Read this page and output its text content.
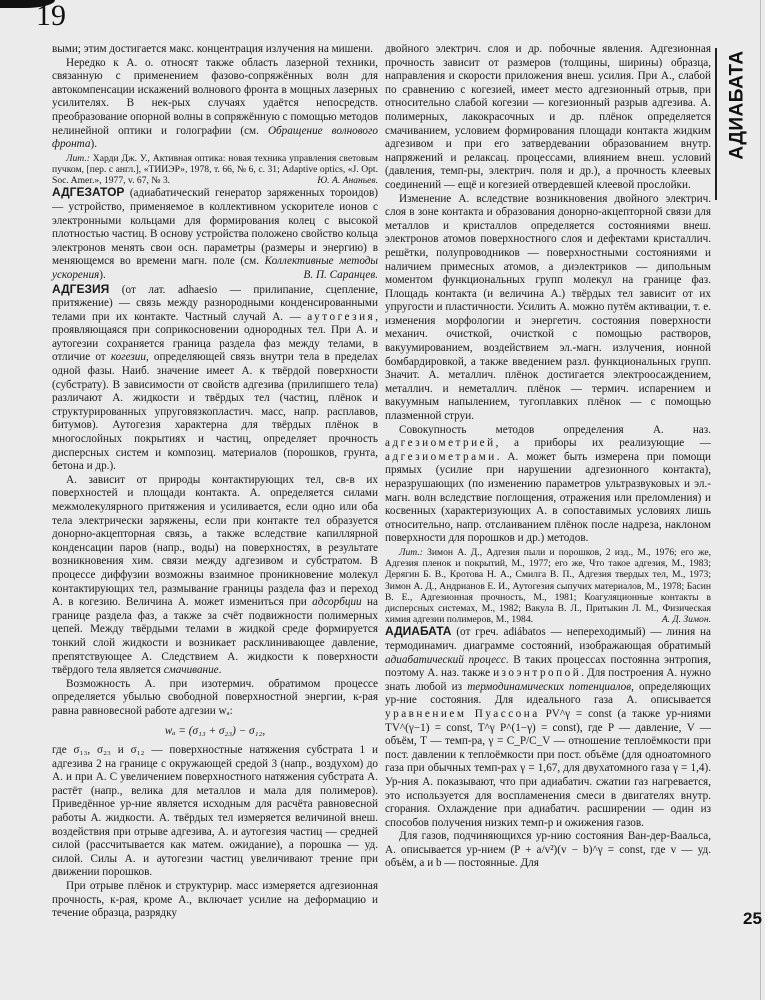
19

выми; этим достигается макс. концентрация излучения на мишени.

Нередко к А. о. относят также область лазерной техники, связанную с применением фазово-сопряжённых волн для автокомпенсации искажений волнового фронта в мощных лазерных усилителях. В нек-рых случаях удаётся непосредств. преобразование опорной волны в сопряжённую с помощью методов нелинейной оптики и голографии (см. Обращение волнового фронта).

Лит.: Харди Дж. У., Активная оптика: новая техника управления световым пучком, [пер. с англ.], «ТИИЭР», 1978, т. 66, № 6, с. 31; Adaptive optics, «J. Opt. Soc. Amer.», 1977, v. 67, № 3.	Ю. А. Ананьев.

АДГЕЗАТОР (адиабатический генератор заряженных тороидов) — устройство, применяемое в коллективном ускорителе ионов с электронными кольцами для формирования колец с высокой плотностью частиц. В основу устройства положено свойство кольца электронов менять свои осн. параметры (размеры и энергию) в меняющемся во времени магн. поле (см. Коллективные методы ускорения).	В. П. Саранцев.

АДГЕЗИЯ (от лат. adhaesio — прилипание, сцепление, притяжение) — связь между разнородными конденсированными телами при их контакте. Частный случай А. — аутогезия, проявляющаяся при соприкосновении однородных тел. При А. и аутогезии сохраняется граница раздела фаз между телами, в отличие от когезии, определяющей связь внутри тела в пределах одной фазы. Наиб. значение имеет А. к твёрдой поверхности (субстрату). В зависимости от свойств адгезива (прилипшего тела) различают А. жидкости и твёрдых тел (частиц, плёнок и структурированных упруговязкопластич. масс, напр. расплавов, битумов). Аутогезия характерна для твёрдых плёнок в многослойных покрытиях и частиц, определяет прочность дисперсных систем и композиц. материалов (порошков, грунта, бетона и др.).

А. зависит от природы контактирующих тел, св-в их поверхностей и площади контакта. А. определяется силами межмолекулярного притяжения и усиливается, если одно или оба тела электрически заряжены, если при контакте тел образуется донорно-акцепторная связь, а также вследствие капиллярной конденсации паров (напр., воды) на поверхностях, в результате возникновения хим. связи между адгезивом и субстратом. В процессе диффузии возможны взаимное проникновение молекул контактирующих тел, размывание границы раздела фаз и переход А. в когезию. Величина А. может измениться при адсорбции на границе раздела фаз, а также за счёт подвижности полимерных цепей. Между твёрдыми телами в жидкой среде формируется тонкий слой жидкости и возникает расклинивающее давление, препятствующее А. Следствием А. жидкости к поверхности твёрдого тела является смачивание.

Возможность А. при изотермич. обратимом процессе определяется убылью свободной поверхностной энергии, к-рая равна равновесной работе адгезии wₐ:

wₐ = (σ₁₃ + σ₂₃) − σ₁₂,

где σ₁₃, σ₂₃ и σ₁₂ — поверхностные натяжения субстрата 1 и адгезива 2 на границе с окружающей средой 3 (напр., воздухом) до А. и при А. С увеличением поверхностного натяжения субстрата А. растёт (напр., велика для металлов и мала для полимеров). Приведённое ур-ние является исходным для расчёта равновесной работы А. жидкости. А. твёрдых тел измеряется величиной внеш. воздействия при отрыве адгезива, А. и аутогезия частиц — средней силой (рассчитывается как матем. ожидание), а порошка — уд. силой. Силы А. и аутогезии частиц увеличивают трение при движении порошков.

При отрыве плёнок и структурир. масс измеряется адгезионная прочность, к-рая, кроме А., включает усилие на деформацию и течение образца, разрядку

АДИАБАТА

двойного электрич. слоя и др. побочные явления. Адгезионная прочность зависит от размеров (толщины, ширины) образца, направления и скорости приложения внеш. усилия. При А., слабой по сравнению с когезией, имеет место адгезионный отрыв, при относительно слабой когезии — когезионный разрыв адгезива. А. полимерных, лакокрасочных и др. плёнок определяется смачиванием, условием формирования площади контакта жидким адгезивом и при его затвердевании образованием внутр. напряжений и релаксац. процессами, влиянием внеш. условий (давления, темп-ры, электрич. поля и др.), а прочность клеевых соединений — ещё и когезией отвердевшей клеевой прослойки.

Изменение А. вследствие возникновения двойного электрич. слоя в зоне контакта и образования донорно-акцепторной связи для металлов и кристаллов определяется состояниями внеш. электронов атомов поверхностного слоя и дефектами кристаллич. решётки, полупроводников — поверхностными состояниями и наличием примесных атомов, а диэлектриков — дипольным моментом функциональных групп молекул на границе фаз. Площадь контакта (и величина А.) твёрдых тел зависит от их упругости и пластичности. Усилить А. можно путём активации, т. е. изменения морфологии и энергетич. состояния поверхности механич. очисткой, очисткой с помощью растворов, вакуумированием, воздействием эл.-магн. излучения, ионной бомбардировкой, а также введением разл. функциональных групп. Значит. А. металлич. плёнок достигается электроосаждением, металлич. и неметаллич. плёнок — термич. испарением и вакуумным напылением, тугоплавких плёнок — с помощью плазменной струи.

Совокупность методов определения А. наз. адгезиометрией, а приборы их реализующие — адгезиометрами. А. может быть измерена при помощи прямых (усилие при нарушении адгезионного контакта), неразрушающих (по изменению параметров ультразвуковых и эл.-магн. волн вследствие поглощения, отражения или преломления) и косвенных (характеризующих А. в сопоставимых условиях лишь относительно, напр. отслаиванием плёнок после надреза, наклоном поверхности для порошков и др.) методов.

Лит.: Зимон А. Д., Адгезия пыли и порошков, 2 изд., М., 1976; его же, Адгезия пленок и покрытий, М., 1977; его же, Что такое адгезия, М., 1983; Дерягин Б. В., Кротова Н. А., Смилга В. П., Адгезия твердых тел, М., 1973; Зимон А. Д., Андрианов Е. И., Аутогезия сыпучих материалов, М., 1978; Басин В. Е., Адгезионная прочность, М., 1981; Коагуляционные контакты в дисперсных системах, М., 1982; Вакула В. Л., Притыкин Л. М., Физическая химия адгезии полимеров, М., 1984.	А. Д. Зимон.

АДИАБАТА (от греч. adiábatos — непереходимый) — линия на термодинамич. диаграмме состояний, изображающая обратимый адиабатический процесс. В таких процессах постоянна энтропия, поэтому А. наз. также изоэнтропой. Для построения А. нужно знать любой из термодинамических потенциалов, определяющих ур-ние состояния. Для идеального газа А. описывается уравнением Пуассона PV^γ = const (а также ур-ниями TV^(γ−1) = const, T^γ P^(1−γ) = const), где P — давление, V — объём, T — темп-ра, γ = C_P/C_V — отношение теплоёмкости при пост. давлении к теплоёмкости при пост. объёме (для одноатомного газа при обычных темп-рах γ = 1,67, для двухатомного газа γ = 1,4). Ур-ния А. показывают, что при адиабатич. сжатии газ нагревается, это используется для воспламенения смеси в двигателях внутр. сгорания. Охлаждение при адиабатич. расширении — один из способов получения низких темп-р и ожижения газов.

Для газов, подчиняющихся ур-нию состояния Ван-дер-Ваальса, А. описывается ур-нием (P + a/v²)(v − b)^γ = const, где v — уд. объём, a и b — постоянные. Для

25
